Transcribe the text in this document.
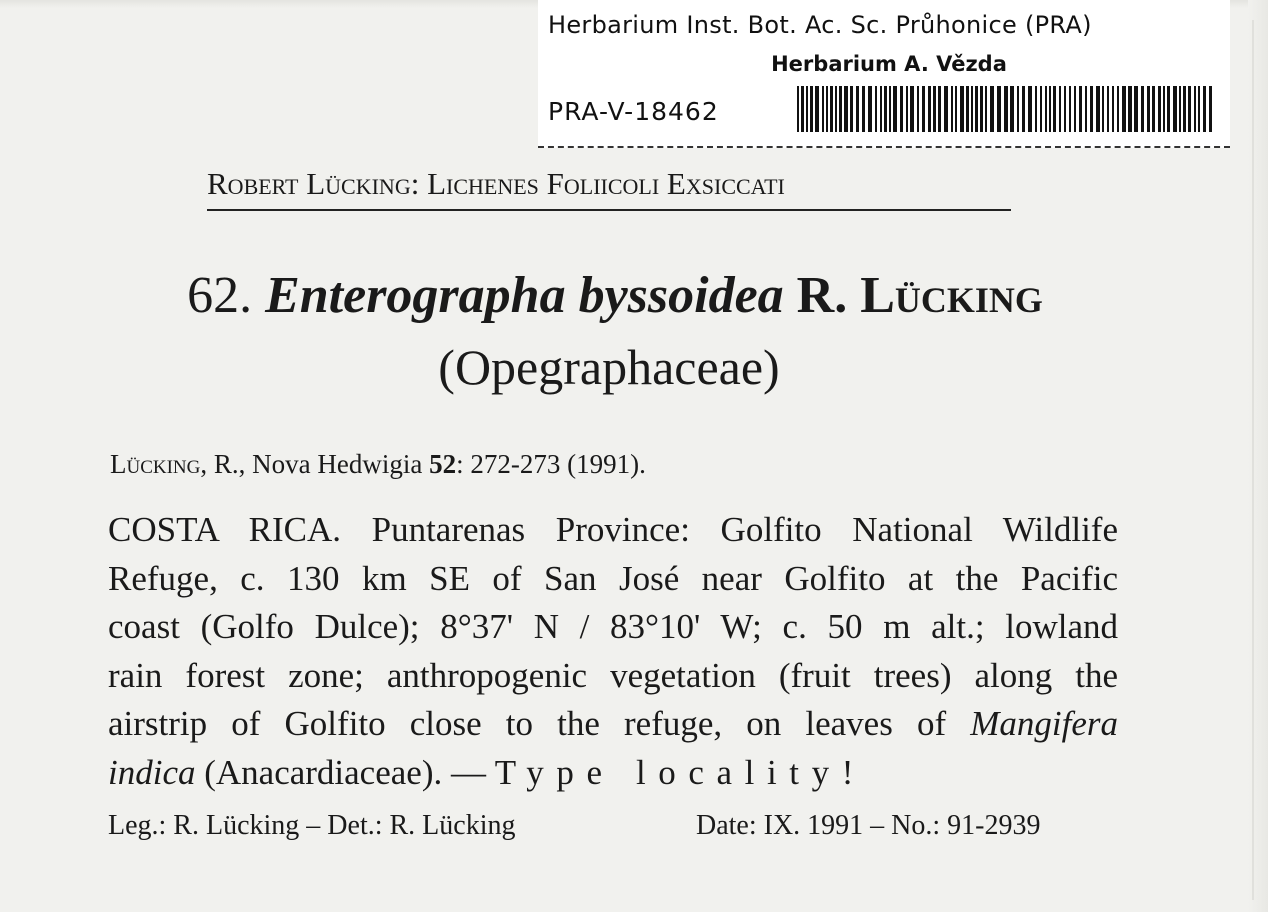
Herbarium Inst. Bot. Ac. Sc. Průhonice (PRA)
Herbarium A. Vězda
PRA-V-18462
Robert Lücking: Lichenes Foliicoli Exsiccati
62. Enterographa byssoidea R. Lücking
(Opegraphaceae)
Lücking, R., Nova Hedwigia 52: 272-273 (1991).
COSTA RICA. Puntarenas Province: Golfito National Wildlife
Refuge, c. 130 km SE of San José near Golfito at the Pacific
coast (Golfo Dulce); 8°37' N / 83°10' W; c. 50 m alt.; lowland
rain forest zone; anthropogenic vegetation (fruit trees) along the
airstrip of Golfito close to the refuge, on leaves of Mangifera
indica (Anacardiaceae). — Type locality!
Leg.: R. Lücking – Det.: R. Lücking	Date: IX. 1991 – No.: 91-2939
